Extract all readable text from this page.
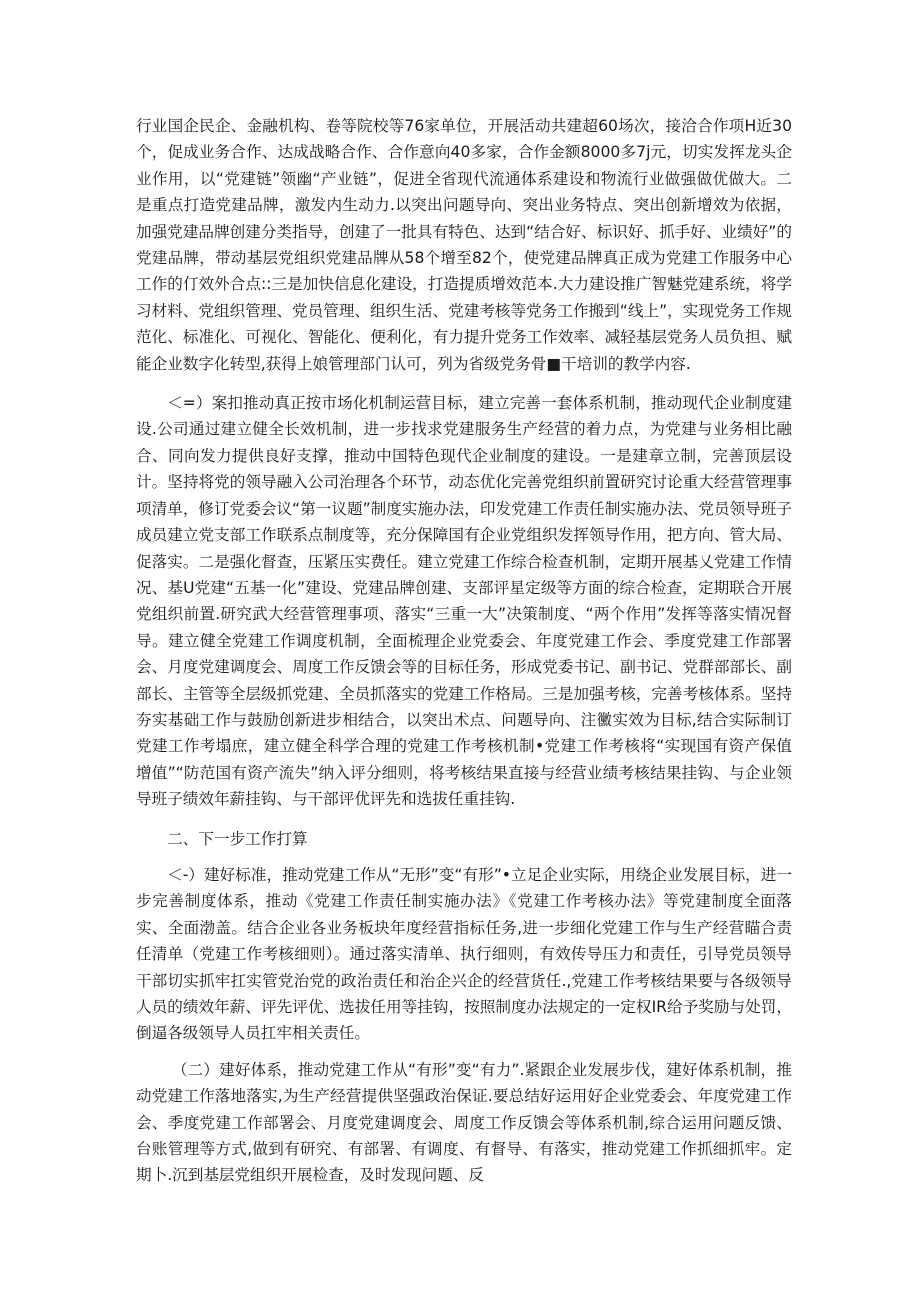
行业国企民企、金融机构、卷等院校等76家单位，开展活动共建超60场次，接洽合作项H近30个，促成业务合作、达成战略合作、合作意向40多家，合作金额8000多7j元，切实发挥龙头企业作用，以“党建链”领幽“产业链”，促进全省现代流通体系建设和物流行业做强做优做大。二是重点打造党建品牌，激发内生动力.以突出问题导向、突出业务特点、突出创新增效为依据，加强党建品牌创建分类指导，创建了一批具有特色、达到“结合好、标识好、抓手好、业绩好”的党建品牌，带动基层党组织党建品牌从58个增至82个，使党建品牌真正成为党建工作服务中心工作的仃效外合点::三是加快信息化建设，打造提质增效范本.大力建设推广智魅党建系统，将学习材料、党组织管理、党员管理、组织生活、党建考核等党务工作搬到“线上”，实现党务工作规范化、标准化、可视化、智能化、便利化，有力提升党务工作效率、减轻基层党务人员负担、赋能企业数字化转型,获得上娘管理部门认可，列为省级党务骨■干培训的教学内容.

＜=）案扣推动真正按市场化机制运营目标，建立完善一套体系机制，推动现代企业制度建设.公司通过建立健全长效机制，进一步找求党建服务生产经营的着力点，为党建与业务相比融合、同向发力提供良好支撑，推动中国特色现代企业制度的建设。一是建章立制，完善顶层设计。坚持将党的领导融入公司治理各个环节，动态优化完善党组织前置研究讨论重大经营管理事项清单，修订党委会议“第一议题”制度实施办法，印发党建工作责任制实施办法、党员领导班子成员建立党支部工作联系点制度等，充分保障国有企业党组织发挥领导作用，把方向、管大局、促落实。二是强化督查，压紧压实费任。建立党建工作综合检查机制，定期开展基乂党建工作情况、基U党建“五基一化”建设、党建品牌创建、支部评星定级等方面的综合检查，定期联合开展党组织前置.研究武大经营管理事项、落实“三重一大”决策制度、“两个作用”发挥等落实情况督导。建立健全党建工作调度机制，全面梳理企业党委会、年度党建工作会、季度党建工作部署会、月度党建调度会、周度工作反馈会等的目标任务，形成党委书记、副书记、党群部部长、副部长、主管等全层级抓党建、全员抓落实的党建工作格局。三是加强考核，完善考核体系。坚持夯实基础工作与鼓励创新进步相结合，以突出术点、问题导向、注黴实效为目标,结合实际制订党建工作考塌庶，建立健全科学合理的党建工作考核机制•党建工作考核将“实现国有资产保值增值”“防范国有资产流失”纳入评分细则，将考核结果直接与经营业绩考核结果挂钩、与企业领导班子绩效年薪挂钩、与干部评优评先和选拔任重挂钩.

二、下一步工作打算

＜-）建好标准，推动党建工作从“无形”变“有形”•立足企业实际，用绕企业发展目标，进一步完善制度体系，推动《党建工作责任制实施办法》《党建工作考核办法》等党建制度全面落实、全面渤盖。结合企业各业务板块年度经营指标任务,进一步细化党建工作与生产经营瞄合责任清单（党建工作考核细则）。通过落实清单、执行细则，有效传导压力和责任，引导党员领导干部切实抓牢扛实管党治党的政治责任和治企兴企的经营货任.,党建工作考核结果要与各级领导人员的绩效年薪、评先评优、选拔任用等挂钩，按照制度办法规定的一定权IR给予奖励与处罚，倒逼各级领导人员扛牢相关责任。

（二）建好体系，推动党建工作从“有形”变“有力”.紧跟企业发展步伐，建好体系机制，推动党建工作落地落实,为生产经营提供坚强政治保证.要总结好运用好企业党委会、年度党建工作会、季度党建工作部署会、月度党建调度会、周度工作反馈会等体系机制,综合运用问题反馈、台账管理等方式,做到有研究、有部署、有调度、有督导、有落实，推动党建工作抓细抓牢。定期卜.沉到基层党组织开展检查，及时发现问题、反
